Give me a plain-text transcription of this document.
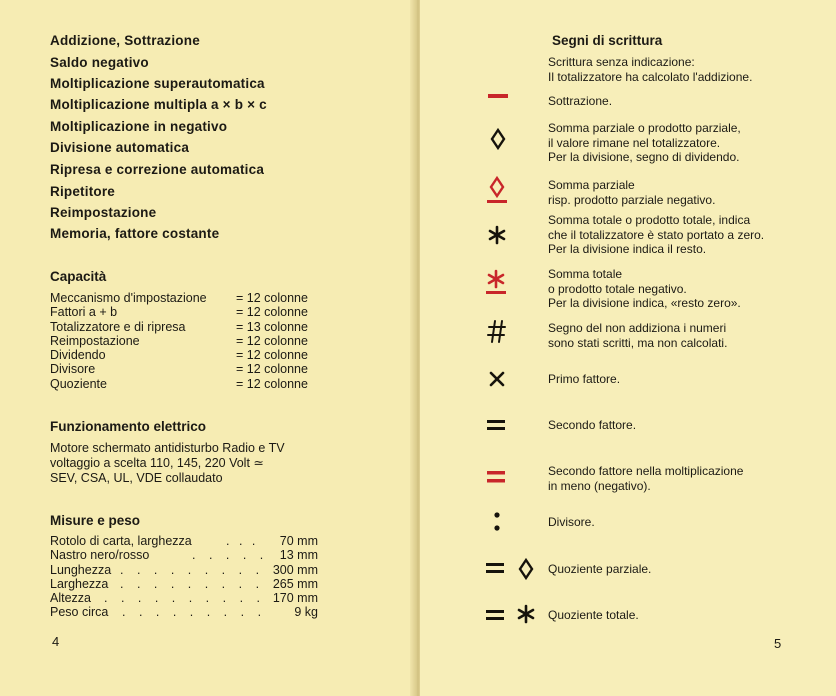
Addizione, Sottrazione
Saldo negativo
Moltiplicazione superautomatica
Moltiplicazione multipla a × b × c
Moltiplicazione in negativo
Divisione automatica
Ripresa e correzione automatica
Ripetitore
Reimpostazione
Memoria, fattore costante
Capacità
Meccanismo d'impostazione = 12 colonne
Fattori a + b	= 12 colonne
Totalizzatore e di ripresa	= 13 colonne
Reimpostazione	= 12 colonne
Dividendo	= 12 colonne
Divisore	= 12 colonne
Quoziente	= 12 colonne
Funzionamento elettrico
Motore schermato antidisturbo Radio e TV
voltaggio a scelta 110, 145, 220 Volt ≃
SEV, CSA, UL, VDE collaudato
Misure e peso
Rotolo di carta, larghezza	. . .	70 mm
Nastro nero/rosso	. . . . . 13 mm
Lunghezza . . . . . . . . . 300 mm
Larghezza . . . . . . . . . 265 mm
Altezza . . . . . . . . . . 170 mm
Peso circa . . . . . . . . .	9 kg
4
Segni di scrittura
Scrittura senza indicazione:
Il totalizzatore ha calcolato l'addizione.
Sottrazione.
Somma parziale o prodotto parziale,
il valore rimane nel totalizzatore.
Per la divisione, segno di dividendo.
Somma parziale
risp. prodotto parziale negativo.
Somma totale o prodotto totale, indica
che il totalizzatore è stato portato a zero.
Per la divisione indica il resto.
Somma totale
o prodotto totale negativo.
Per la divisione indica, «resto zero».
Segno del non addiziona i numeri
sono stati scritti, ma non calcolati.
Primo fattore.
Secondo fattore.
Secondo fattore nella moltiplicazione
in meno (negativo).
Divisore.
Quoziente parziale.
Quoziente totale.
5
